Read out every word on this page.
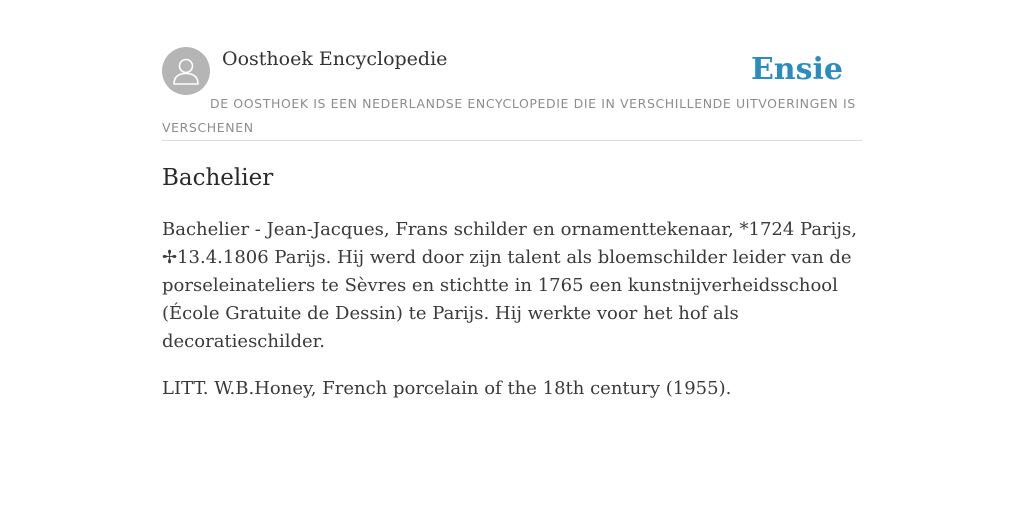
Oosthoek Encyclopedie	Ensie
DE OOSTHOEK IS EEN NEDERLANDSE ENCYCLOPEDIE DIE IN VERSCHILLENDE UITVOERINGEN IS VERSCHENEN
Bachelier

Bachelier - Jean-Jacques, Frans schilder en ornamenttekenaar, *1724 Parijs, ✢13.4.1806 Parijs. Hij werd door zijn talent als bloemschilder leider van de porseleinateliers te Sèvres en stichtte in 1765 een kunstnijverheidsschool (École Gratuite de Dessin) te Parijs. Hij werkte voor het hof als decoratieschilder.

LITT. W.B.Honey, French porcelain of the 18th century (1955).
